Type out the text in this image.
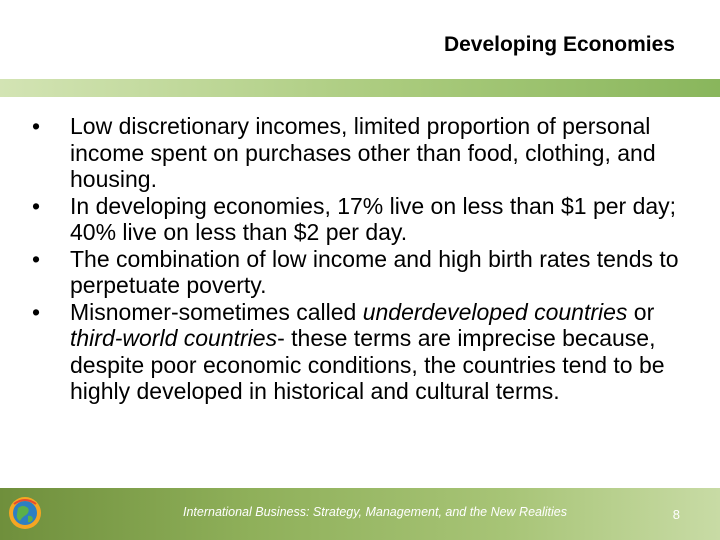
Developing Economies
• Low discretionary incomes, limited proportion of personal income spent on purchases other than food, clothing, and housing.
• In developing economies, 17% live on less than $1 per day; 40% live on less than $2 per day.
• The combination of low income and high birth rates tends to perpetuate poverty.
• Misnomer-sometimes called underdeveloped countries or third-world countries- these terms are imprecise because, despite poor economic conditions, the countries tend to be highly developed in historical and cultural terms.
International Business: Strategy, Management, and the New Realities	8
